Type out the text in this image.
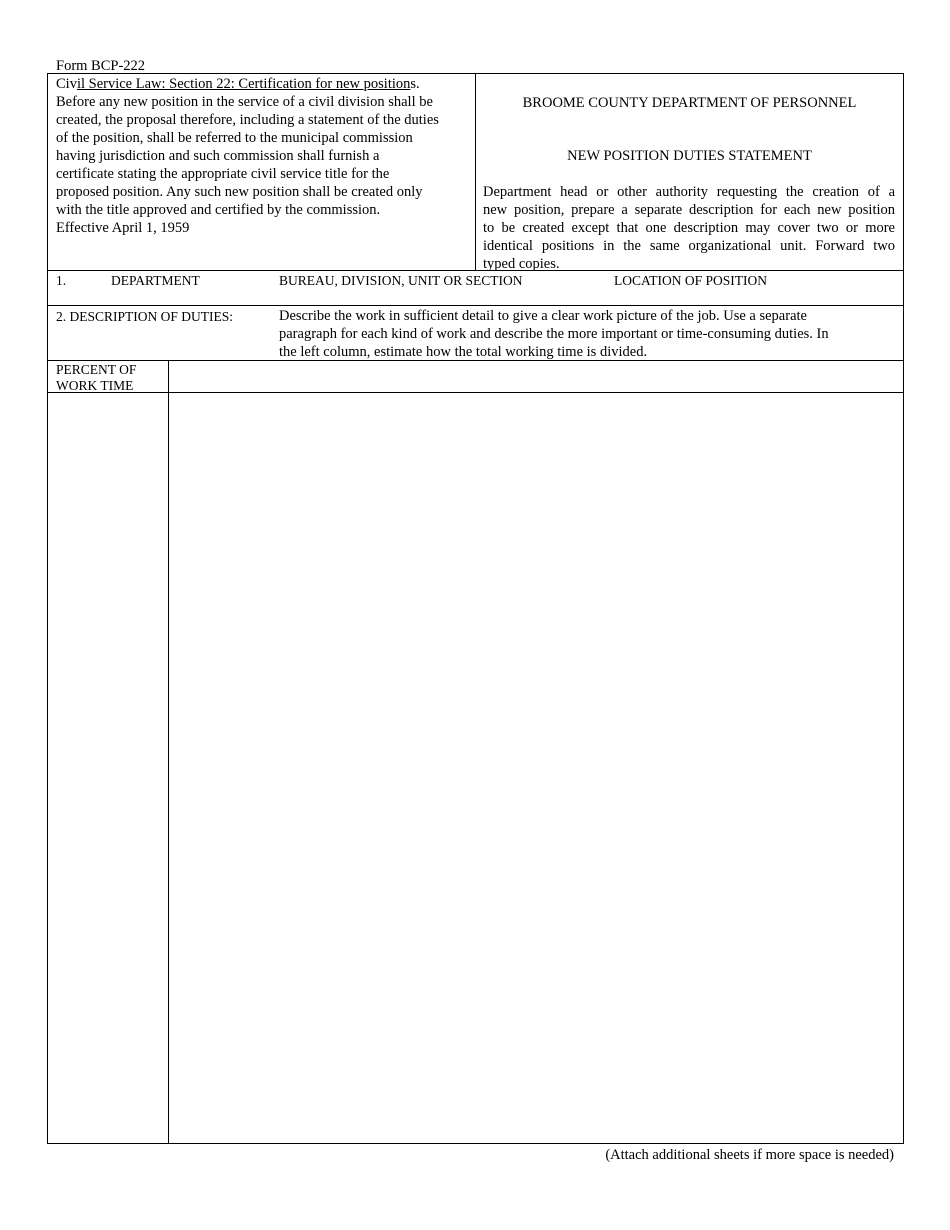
Form BCP-222
Civil Service Law: Section 22: Certification for new positions.
Before any new position in the service of a civil division shall be
created, the proposal therefore, including a statement of the duties
of the position, shall be referred to the municipal commission
having jurisdiction and such commission shall furnish a
certificate stating the appropriate civil service title for the
proposed position. Any such new position shall be created only
with the title approved and certified by the commission.
Effective April 1, 1959
BROOME COUNTY DEPARTMENT OF PERSONNEL
NEW POSITION DUTIES STATEMENT
Department head or other authority requesting the creation of a
new position, prepare a separate description for each new position
to be created except that one description may cover two or more
identical positions in the same organizational unit. Forward two
typed copies.
1.	DEPARTMENT	BUREAU, DIVISION, UNIT OR SECTION	LOCATION OF POSITION
2. DESCRIPTION OF DUTIES:	Describe the work in sufficient detail to give a clear work picture of the job. Use a separate
paragraph for each kind of work and describe the more important or time-consuming duties. In
the left column, estimate how the total working time is divided.
PERCENT OF
WORK TIME
(Attach additional sheets if more space is needed)
